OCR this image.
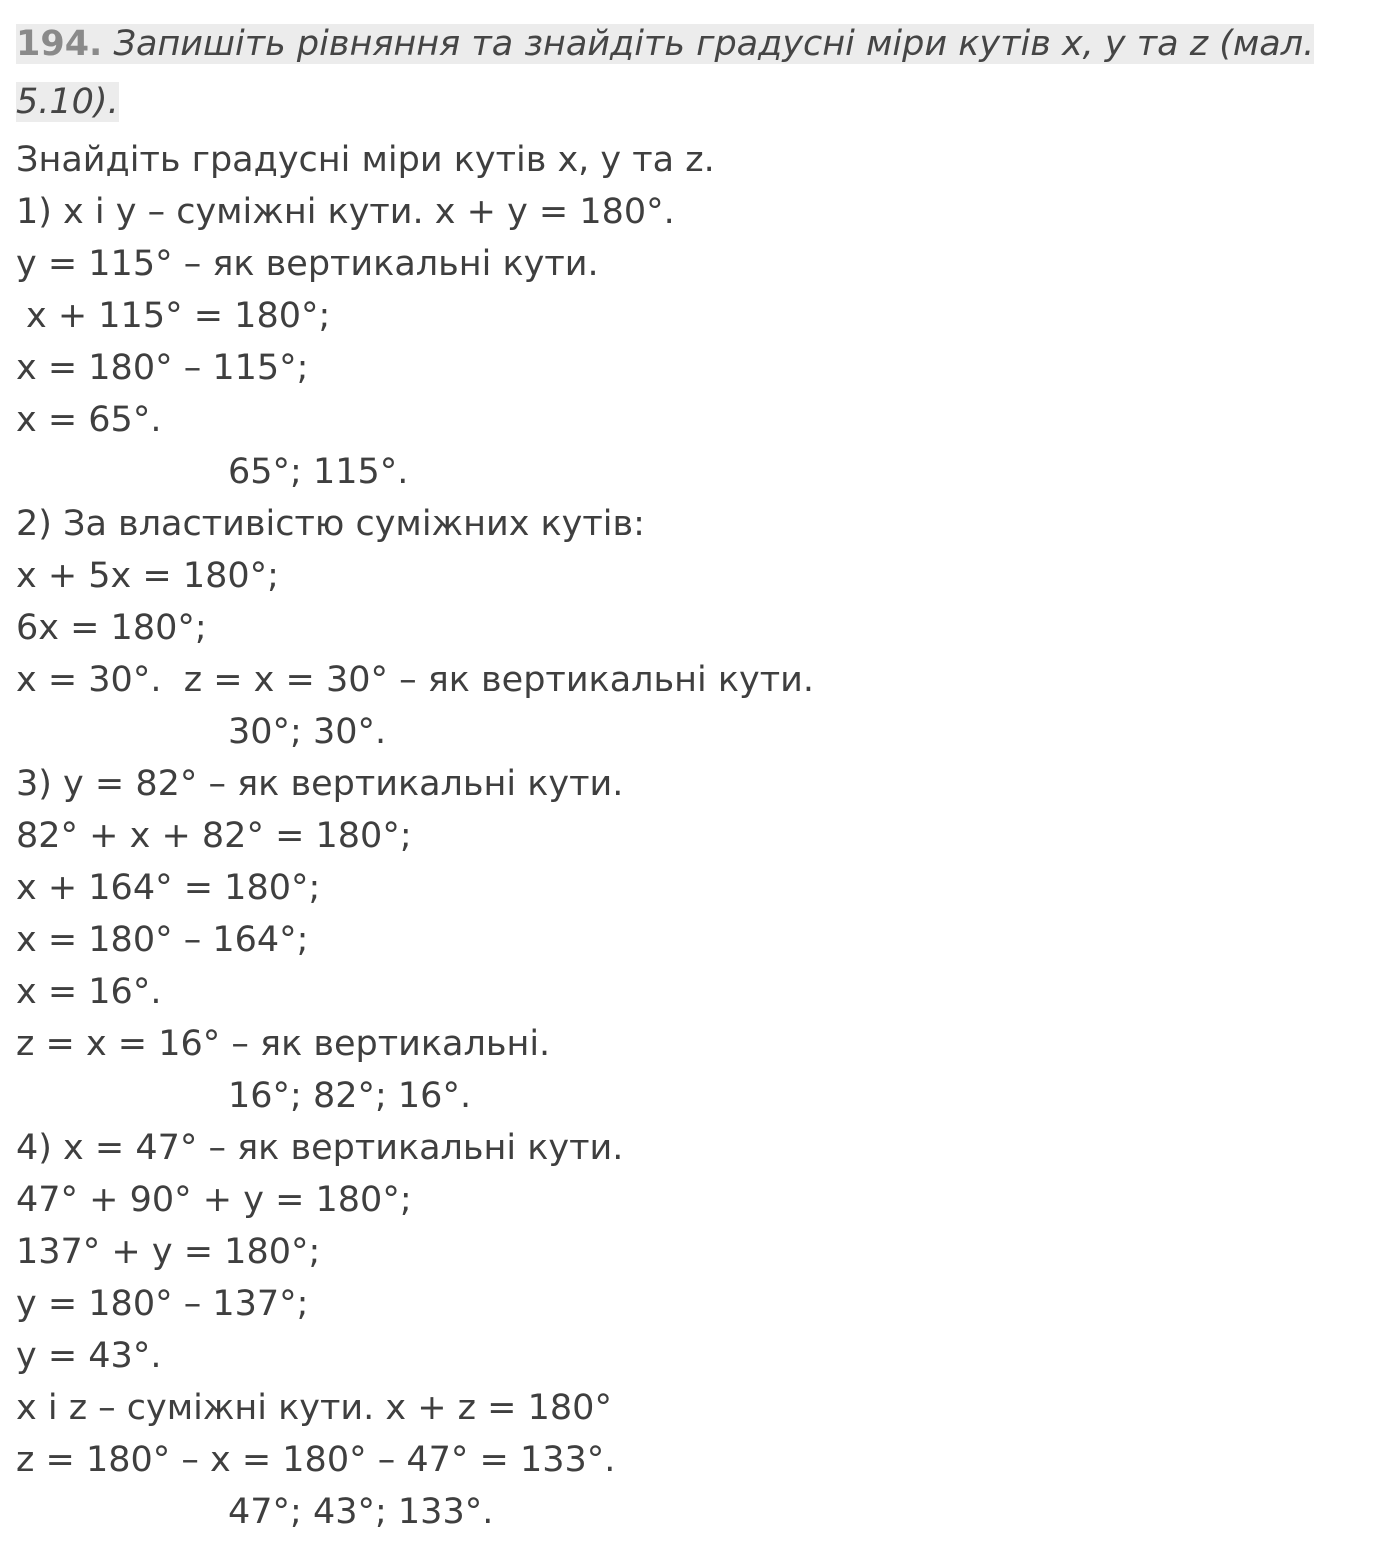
194. Запишіть рівняння та знайдіть градусні міри кутів x, y та z (мал. 5.10).
Знайдіть градусні міри кутів x, y та z.
1) x і y – суміжні кути. x + y = 180°.
y = 115° – як вертикальні кути.
x + 115° = 180°;
x = 180° – 115°;
x = 65°.
65°; 115°.
2) За властивістю суміжних кутів:
x + 5x = 180°;
6x = 180°;
x = 30°.  z = x = 30° – як вертикальні кути.
30°; 30°.
3) y = 82° – як вертикальні кути.
82° + x + 82° = 180°;
x + 164° = 180°;
x = 180° – 164°;
x = 16°.
z = x = 16° – як вертикальні.
16°; 82°; 16°.
4) x = 47° – як вертикальні кути.
47° + 90° + y = 180°;
137° + y = 180°;
y = 180° – 137°;
y = 43°.
x і z – суміжні кути. x + z = 180°
z = 180° – x = 180° – 47° = 133°.
47°; 43°; 133°.
